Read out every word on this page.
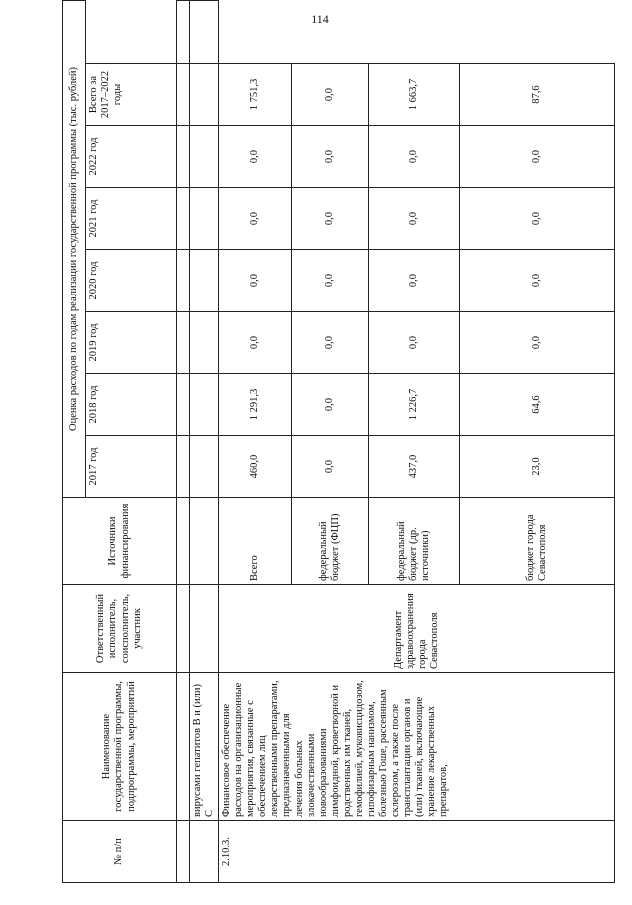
114
№ п/п	Наименование государственной программы, подпрограммы, мероприятий	Ответственный исполнитель, соисполнитель, участник	Источники финансирования	Оценка расходов по годам реализации государственной программы (тыс. рублей)							
				2017 год	2018 год	2019 год	2020 год	2021 год	2022 год	Всего за 2017–2022 годы	

	вирусами гепатитов B и (или) C										
2.10.3.	Финансовое обеспечение расходов на организационные мероприятия, связанные с обеспечением лиц лекарственными препаратами, предназначенными для лечения больных злокачественными новообразованиями лимфоидной, кроветворной и родственных им тканей, гемофилией, муковисцидозом, гипофизарным нанизмом, болезнью Гоше, рассеянным склерозом, а также после трансплантации органов и (или) тканей, включающие хранение лекарственных препаратов,	Департамент здравоохранения города Севастополя	Всего	460,0	1 291,3	0,0	0,0	0,0	0,0	1 751,3	
			федеральный бюджет (ФЦП)	0,0	0,0	0,0	0,0	0,0	0,0	0,0	
			федеральный бюджет (др. источники)	437,0	1 226,7	0,0	0,0	0,0	0,0	1 663,7	
			бюджет города Севастополя	23,0	64,6	0,0	0,0	0,0	0,0	87,6	
